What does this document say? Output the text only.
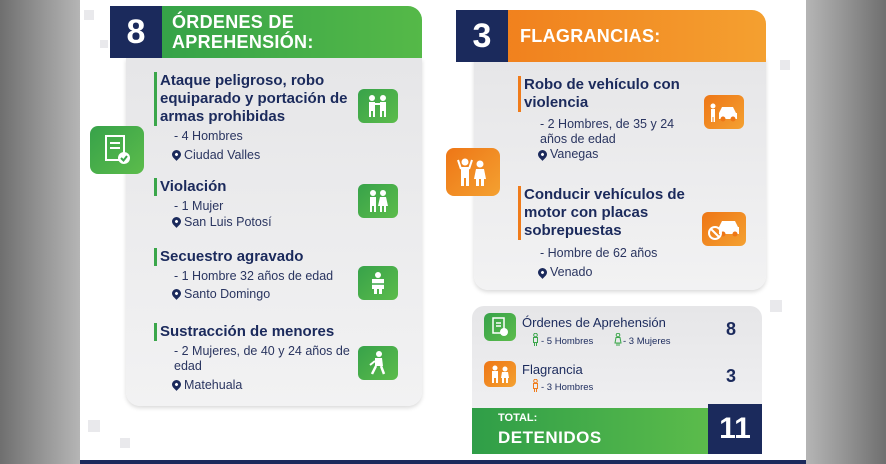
8	ÓRDENES DE APREHENSIÓN:
Ataque peligroso, robo equiparado y portación de armas prohibidas
- 4 Hombres
Ciudad Valles
Violación
- 1 Mujer
San Luis Potosí
Secuestro agravado
- 1 Hombre 32 años de edad
Santo Domingo
Sustracción de menores
- 2 Mujeres, de 40 y 24 años de edad
Matehuala
3	FLAGRANCIAS:
Robo de vehículo con violencia
- 2 Hombres, de 35 y 24 años de edad
Vanegas
Conducir vehículos de motor con placas sobrepuestas
- Hombre de 62 años
Venado
Órdenes de Aprehensión
- 5 Hombres	- 3 Mujeres
8
Flagrancia
- 3 Hombres
3
TOTAL:
DETENIDOS	11
